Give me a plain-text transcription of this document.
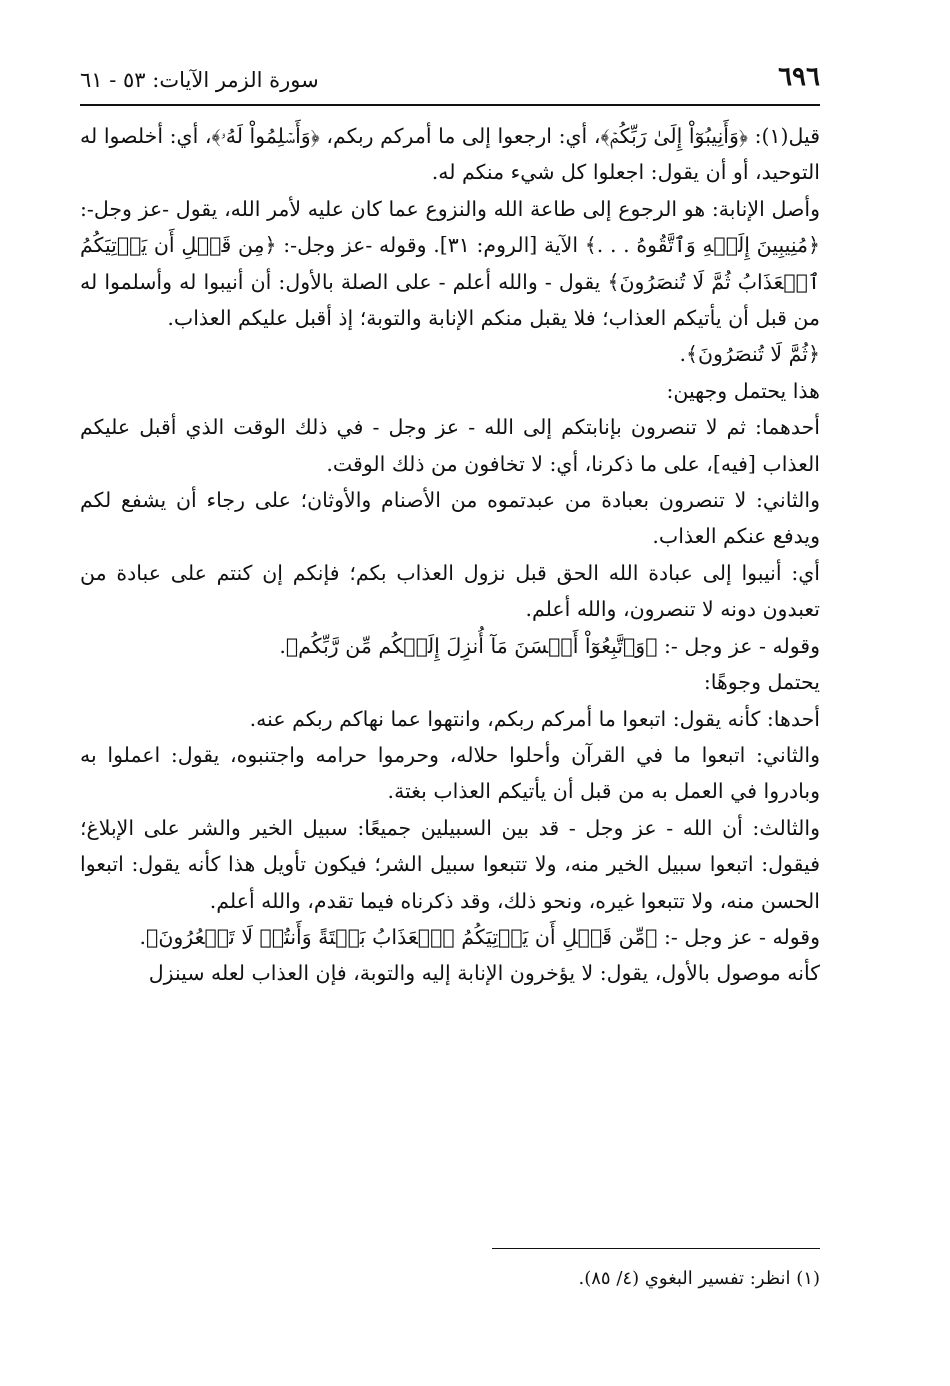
٦٩٦
سورة الزمر الآيات: ٥٣ - ٦١

قيل(١): ﴿وَأَنِيبُوٓاْ إِلَىٰ رَبِّكُمۡ﴾، أي: ارجعوا إلى ما أمركم ربكم، ﴿وَأَسۡلِمُواْ لَهُۥ﴾، أي: أخلصوا له التوحيد، أو أن يقول: اجعلوا كل شيء منكم له.

وأصل الإنابة: هو الرجوع إلى طاعة الله والنزوع عما كان عليه لأمر الله، يقول -عز وجل-: ﴿مُنِيبِينَ إِلَيۡهِ وَٱتَّقُوهُ . . .﴾ الآية [الروم: ٣١]. وقوله -عز وجل-: ﴿مِن قَبۡلِ أَن يَأۡتِيَكُمُ ٱلۡعَذَابُ ثُمَّ لَا تُنصَرُونَ﴾ يقول - والله أعلم - على الصلة بالأول: أن أنيبوا له وأسلموا له من قبل أن يأتيكم العذاب؛ فلا يقبل منكم الإنابة والتوبة؛ إذ أقبل عليكم العذاب.

﴿ثُمَّ لَا تُنصَرُونَ﴾.

هذا يحتمل وجهين:

أحدهما: ثم لا تنصرون بإنابتكم إلى الله - عز وجل - في ذلك الوقت الذي أقبل عليكم العذاب [فيه]، على ما ذكرنا، أي: لا تخافون من ذلك الوقت.

والثاني: لا تنصرون بعبادة من عبدتموه من الأصنام والأوثان؛ على رجاء أن يشفع لكم ويدفع عنكم العذاب.

أي: أنيبوا إلى عبادة الله الحق قبل نزول العذاب بكم؛ فإنكم إن كنتم على عبادة من تعبدون دونه لا تنصرون، والله أعلم.

وقوله - عز وجل -: ﴿وَٱتَّبِعُوٓاْ أَحۡسَنَ مَآ أُنزِلَ إِلَيۡكُم مِّن رَّبِّكُم﴾.

يحتمل وجوهًا:

أحدها: كأنه يقول: اتبعوا ما أمركم ربكم، وانتهوا عما نهاكم ربكم عنه.

والثاني: اتبعوا ما في القرآن وأحلوا حلاله، وحرموا حرامه واجتنبوه، يقول: اعملوا به وبادروا في العمل به من قبل أن يأتيكم العذاب بغتة.

والثالث: أن الله - عز وجل - قد بين السبيلين جميعًا: سبيل الخير والشر على الإبلاغ؛ فيقول: اتبعوا سبيل الخير منه، ولا تتبعوا سبيل الشر؛ فيكون تأويل هذا كأنه يقول: اتبعوا الحسن منه، ولا تتبعوا غيره، ونحو ذلك، وقد ذكرناه فيما تقدم، والله أعلم.

وقوله - عز وجل -: ﴿مِّن قَبۡلِ أَن يَأۡتِيَكُمُ ٱلۡعَذَابُ بَغۡتَةً وَأَنتُمۡ لَا تَشۡعُرُونَ﴾.

كأنه موصول بالأول، يقول: لا يؤخرون الإنابة إليه والتوبة، فإن العذاب لعله سينزل

(١) انظر: تفسير البغوي (٤/ ٨٥).
